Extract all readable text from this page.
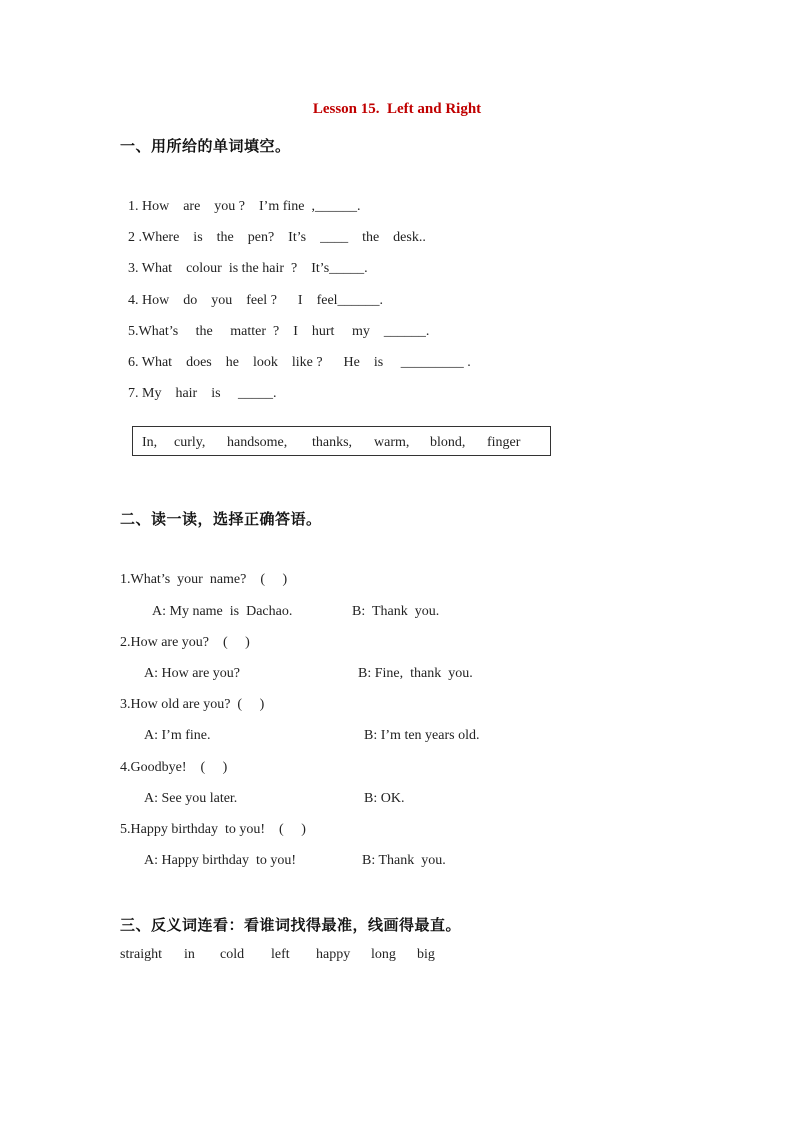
Lesson 15.  Left and Right
一、用所给的单词填空。
1. How    are    you ?    I’m fine  ,______.
2 .Where    is    the    pen?    It’s    ____    the    desk..
3. What    colour  is the hair  ?    It’s_____.
4. How    do    you    feel ?      I    feel______.
5.What’s     the     matter  ?    I    hurt     my    ______.
6. What    does    he    look    like ?      He    is     _________ .
7. My    hair    is     _____.
In, curly, handsome, thanks, warm, blond, finger
二、读一读，选择正确答语。
1.What’s  your  name?    (     )
A: My name  is  Dachao.	B:  Thank  you.
2.How are you?    (     )
A: How are you?	B: Fine,  thank  you.
3.How old are you?  (     )
A: I’m fine.	B: I’m ten years old.
4.Goodbye!    (     )
A: See you later.	B: OK.
5.Happy birthday  to you!    (     )
A: Happy birthday  to you!	B: Thank  you.
三、反义词连看：看谁词找得最准，线画得最直。
straight in cold left happy long big
